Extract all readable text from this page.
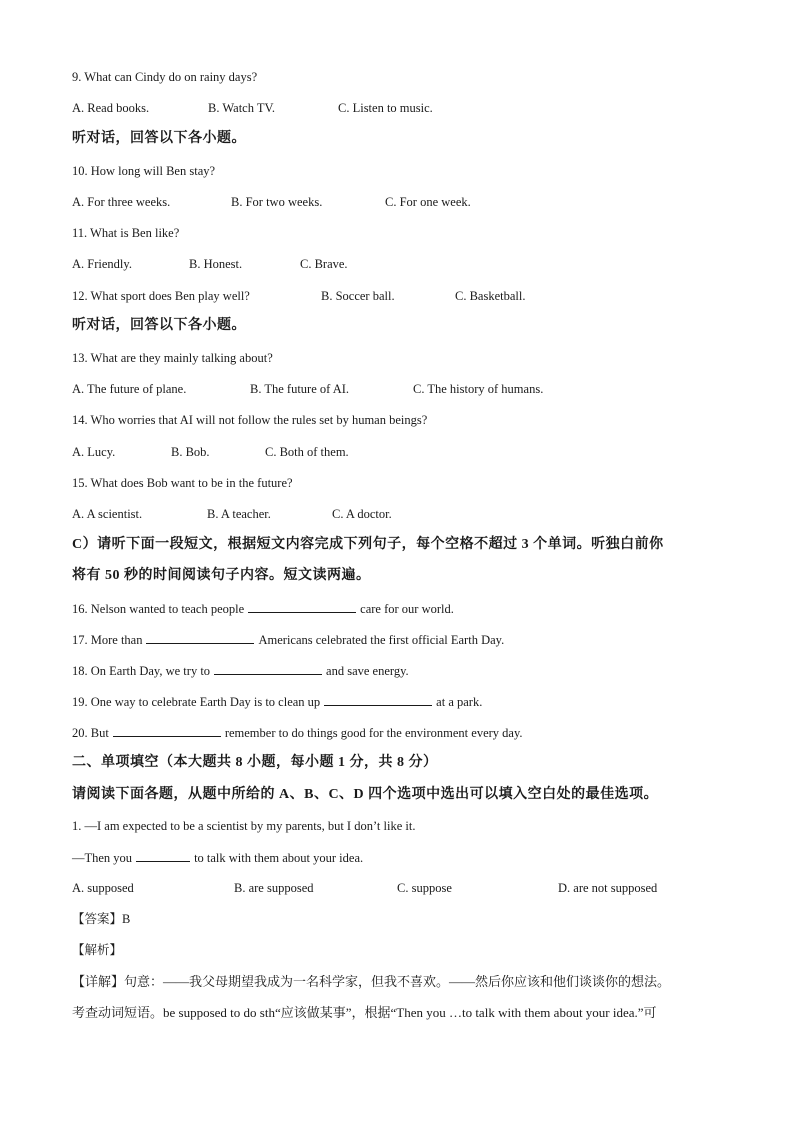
9. What can Cindy do on rainy days?
A. Read books.	B. Watch TV.	C. Listen to music.
听对话，回答以下各小题。
10. How long will Ben stay?
A. For three weeks.	B. For two weeks.	C. For one week.
11. What is Ben like?
A. Friendly.	B. Honest.	C. Brave.
12. What sport does Ben play well?	B. Soccer ball.	C. Basketball.
听对话，回答以下各小题。
13. What are they mainly talking about?
A. The future of plane.	B. The future of AI.	C. The history of humans.
14. Who worries that AI will not follow the rules set by human beings?
A. Lucy.	B. Bob.	C. Both of them.
15. What does Bob want to be in the future?
A. A scientist.	B. A teacher.	C. A doctor.
C）请听下面一段短文，根据短文内容完成下列句子，每个空格不超过 3 个单词。听独白前你
将有 50 秒的时间阅读句子内容。短文读两遍。
16. Nelson wanted to teach people	care for our world.
17. More than	Americans celebrated the first official Earth Day.
18. On Earth Day, we try to	and save energy.
19. One way to celebrate Earth Day is to clean up	at a park.
20. But	remember to do things good for the environment every day.
二、单项填空（本大题共 8 小题，每小题 1 分，共 8 分）
请阅读下面各题，从题中所给的 A、B、C、D 四个选项中选出可以填入空白处的最佳选项。
1. —I am expected to be a scientist by my parents, but I don’t like it.
—Then you	to talk with them about your idea.
A. supposed	B. are supposed	C. suppose	D. are not supposed
【答案】B
【解析】
【详解】句意：——我父母期望我成为一名科学家，但我不喜欢。——然后你应该和他们谈谈你的想法。
考查动词短语。be supposed to do sth“应该做某事”，根据“Then you …to talk with them about your idea.”可
